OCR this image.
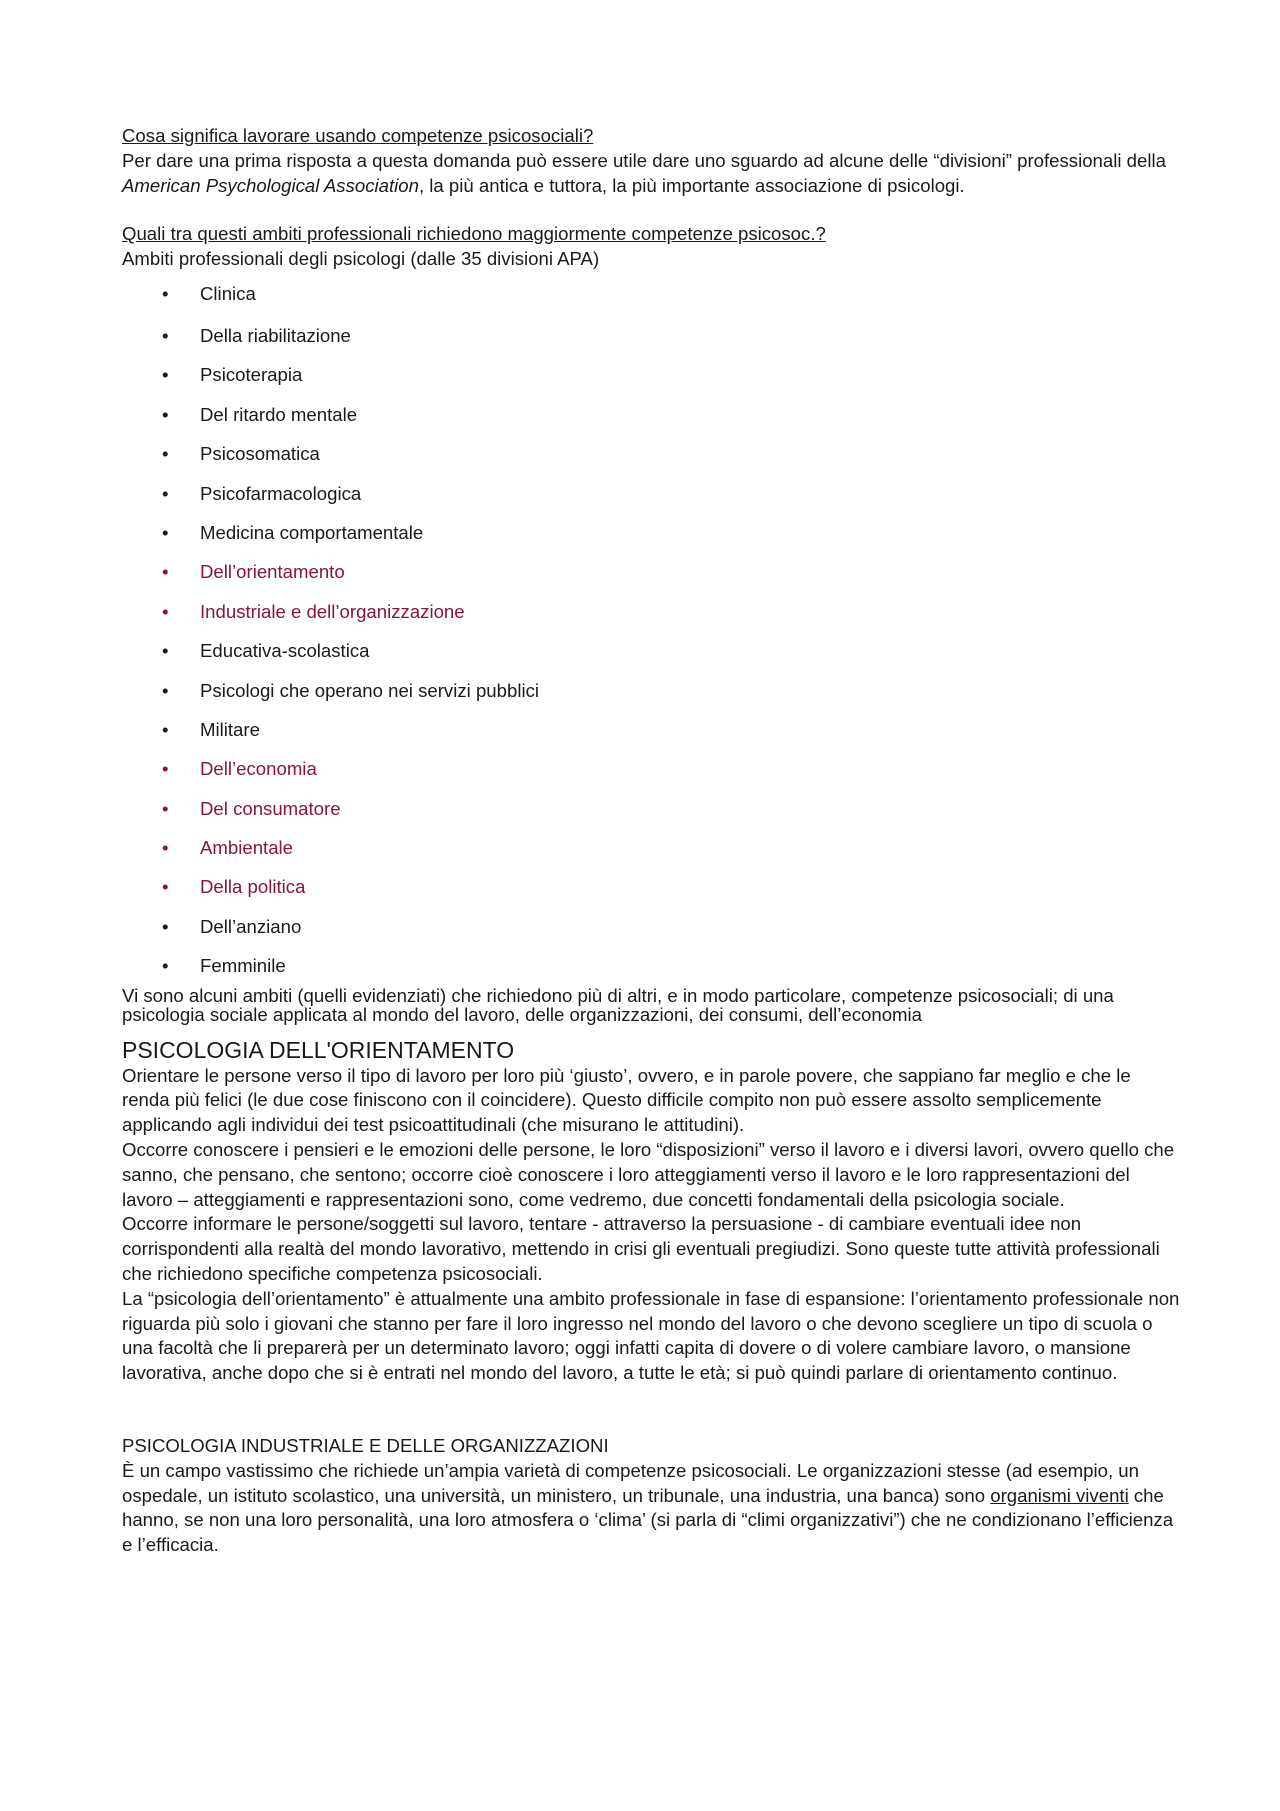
Cosa significa lavorare usando competenze psicosociali?

Per dare una prima risposta a questa domanda può essere utile dare uno sguardo ad alcune delle “divisioni” professionali della American Psychological Association, la più antica e tuttora, la più importante associazione di psicologi.

Quali tra questi ambiti professionali richiedono maggiormente competenze psicosoc.?

Ambiti professionali degli psicologi (dalle 35 divisioni APA)

• Clinica
• Della riabilitazione
• Psicoterapia
• Del ritardo mentale
• Psicosomatica
• Psicofarmacologica
• Medicina comportamentale
• Dell’orientamento
• Industriale e dell’organizzazione
• Educativa-scolastica
• Psicologi che operano nei servizi pubblici
• Militare
• Dell’economia
• Del consumatore
• Ambientale
• Della politica
• Dell’anziano
• Femminile

Vi sono alcuni ambiti (quelli evidenziati) che richiedono più di altri, e in modo particolare, competenze psicosociali; di una psicologia sociale applicata al mondo del lavoro, delle organizzazioni, dei consumi, dell’economia

PSICOLOGIA DELL'ORIENTAMENTO

Orientare le persone verso il tipo di lavoro per loro più ‘giusto’, ovvero, e in parole povere, che sappiano far meglio e che le renda più felici (le due cose finiscono con il coincidere). Questo difficile compito non può essere assolto semplicemente applicando agli individui dei test psicoattitudinali (che misurano le attitudini).

Occorre conoscere i pensieri e le emozioni delle persone, le loro “disposizioni” verso il lavoro e i diversi lavori, ovvero quello che sanno, che pensano, che sentono; occorre cioè conoscere i loro atteggiamenti verso il lavoro e le loro rappresentazioni del lavoro – atteggiamenti e rappresentazioni sono, come vedremo, due concetti fondamentali della psicologia sociale.

Occorre informare le persone/soggetti sul lavoro, tentare - attraverso la persuasione - di cambiare eventuali idee non corrispondenti alla realtà del mondo lavorativo, mettendo in crisi gli eventuali pregiudizi. Sono queste tutte attività professionali che richiedono specifiche competenza psicosociali.

La “psicologia dell’orientamento” è attualmente una ambito professionale in fase di espansione: l’orientamento professionale non riguarda più solo i giovani che stanno per fare il loro ingresso nel mondo del lavoro o che devono scegliere un tipo di scuola o una facoltà che li preparerà per un determinato lavoro; oggi infatti capita di dovere o di volere cambiare lavoro, o mansione lavorativa, anche dopo che si è entrati nel mondo del lavoro, a tutte le età; si può quindi parlare di orientamento continuo.

PSICOLOGIA INDUSTRIALE E DELLE ORGANIZZAZIONI

È un campo vastissimo che richiede un’ampia varietà di competenze psicosociali. Le organizzazioni stesse (ad esempio, un ospedale, un istituto scolastico, una università, un ministero, un tribunale, una industria, una banca) sono organismi viventi che hanno, se non una loro personalità, una loro atmosfera o ‘clima’ (si parla di “climi organizzativi”) che ne condizionano l’efficienza e l’efficacia.
